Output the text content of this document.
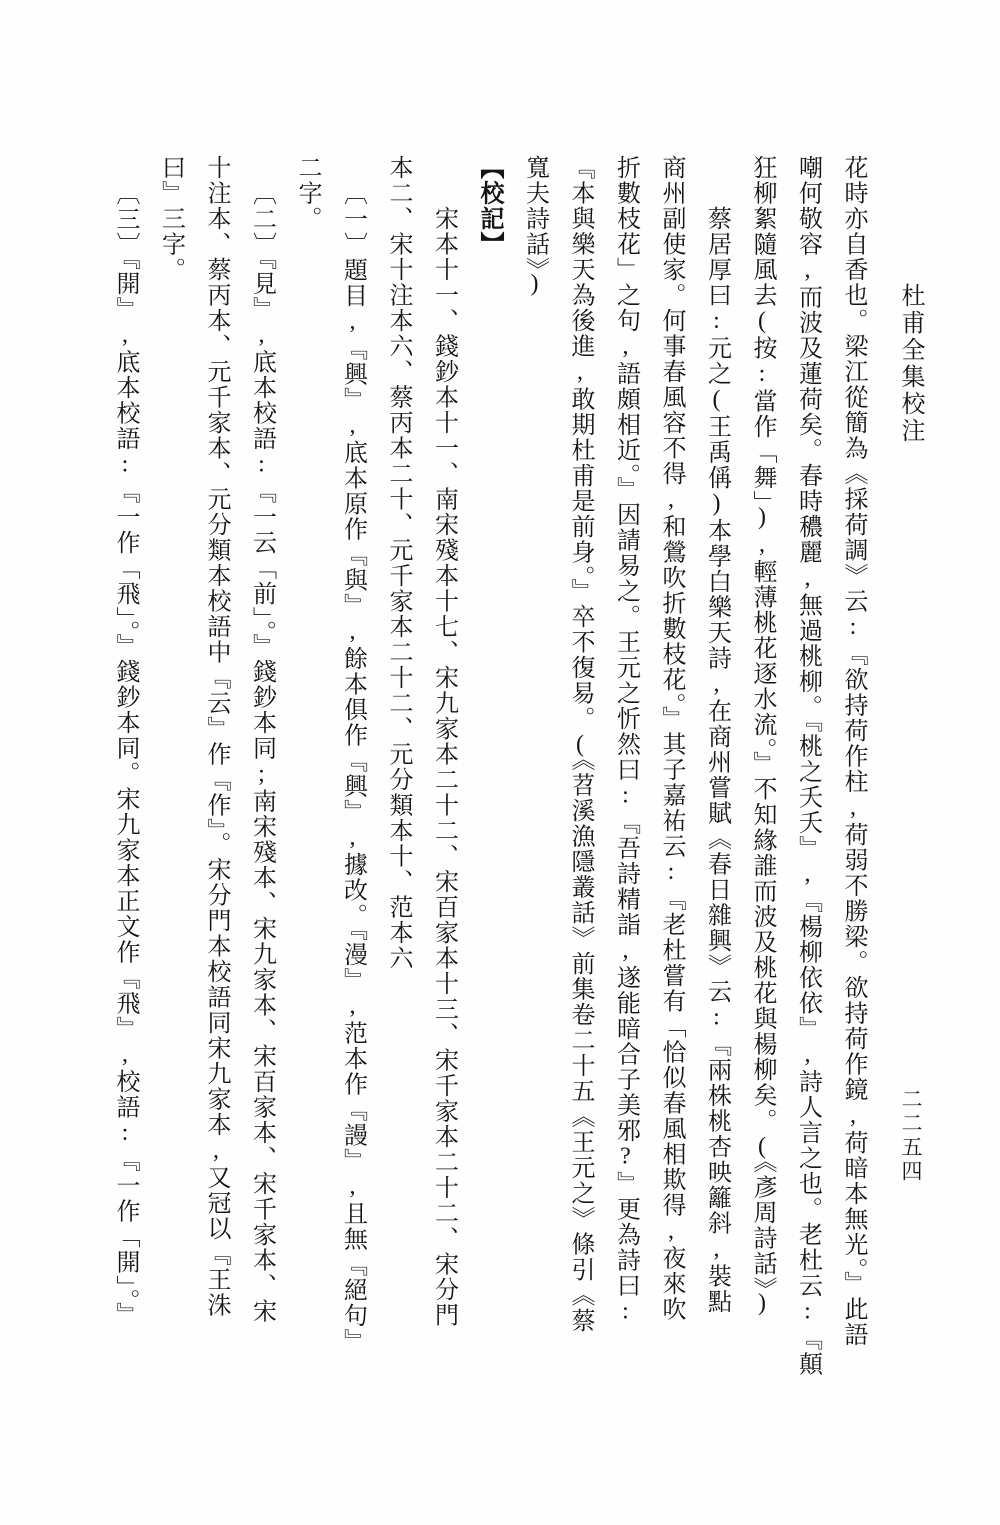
杜甫全集校注
二二五四
花時亦自香也。梁江從簡為《採荷調》云:『欲持荷作柱,荷弱不勝梁。欲持荷作鏡,荷暗本無光。』此語
嘲何敬容,而波及蓮荷矣。春時穠麗,無過桃柳。『桃之夭夭』,『楊柳依依』,詩人言之也。老杜云:『顛
狂柳絮隨風去(按:當作「舞」),輕薄桃花逐水流。』不知緣誰而波及桃花與楊柳矣。(《彥周詩話》)
蔡居厚曰:元之(王禹偁)本學白樂天詩,在商州嘗賦《春日雜興》云:『兩株桃杏映籬斜,裝點
商州副使家。何事春風容不得,和鶯吹折數枝花。』其子嘉祐云:『老杜嘗有「恰似春風相欺得,夜來吹
折數枝花」之句,語頗相近。』因請易之。王元之忻然曰:『吾詩精詣,遂能暗合子美邪?』更為詩曰:
『本與樂天為後進,敢期杜甫是前身。』卒不復易。(《苕溪漁隱叢話》前集卷二十五《王元之》條引《蔡
寬夫詩話》)
【校記】
宋本十一、錢鈔本十一、南宋殘本十七、宋九家本二十二、宋百家本十三、宋千家本二十二、宋分門
本二、宋十注本六、蔡丙本二十、元千家本二十二、元分類本十、范本六
〔一〕題目,『興』,底本原作『與』,餘本俱作『興』,據改。『漫』,范本作『謾』,且無『絕句』
二字。
〔二〕『見』,底本校語:『一云「前」。』錢鈔本同;南宋殘本、宋九家本、宋百家本、宋千家本、宋
十注本、蔡丙本、元千家本、元分類本校語中『云』作『作』。宋分門本校語同宋九家本,又冠以『王洙
曰』三字。
〔三〕『開』,底本校語:『一作「飛」。』錢鈔本同。宋九家本正文作『飛』,校語:『一作「開」。』
